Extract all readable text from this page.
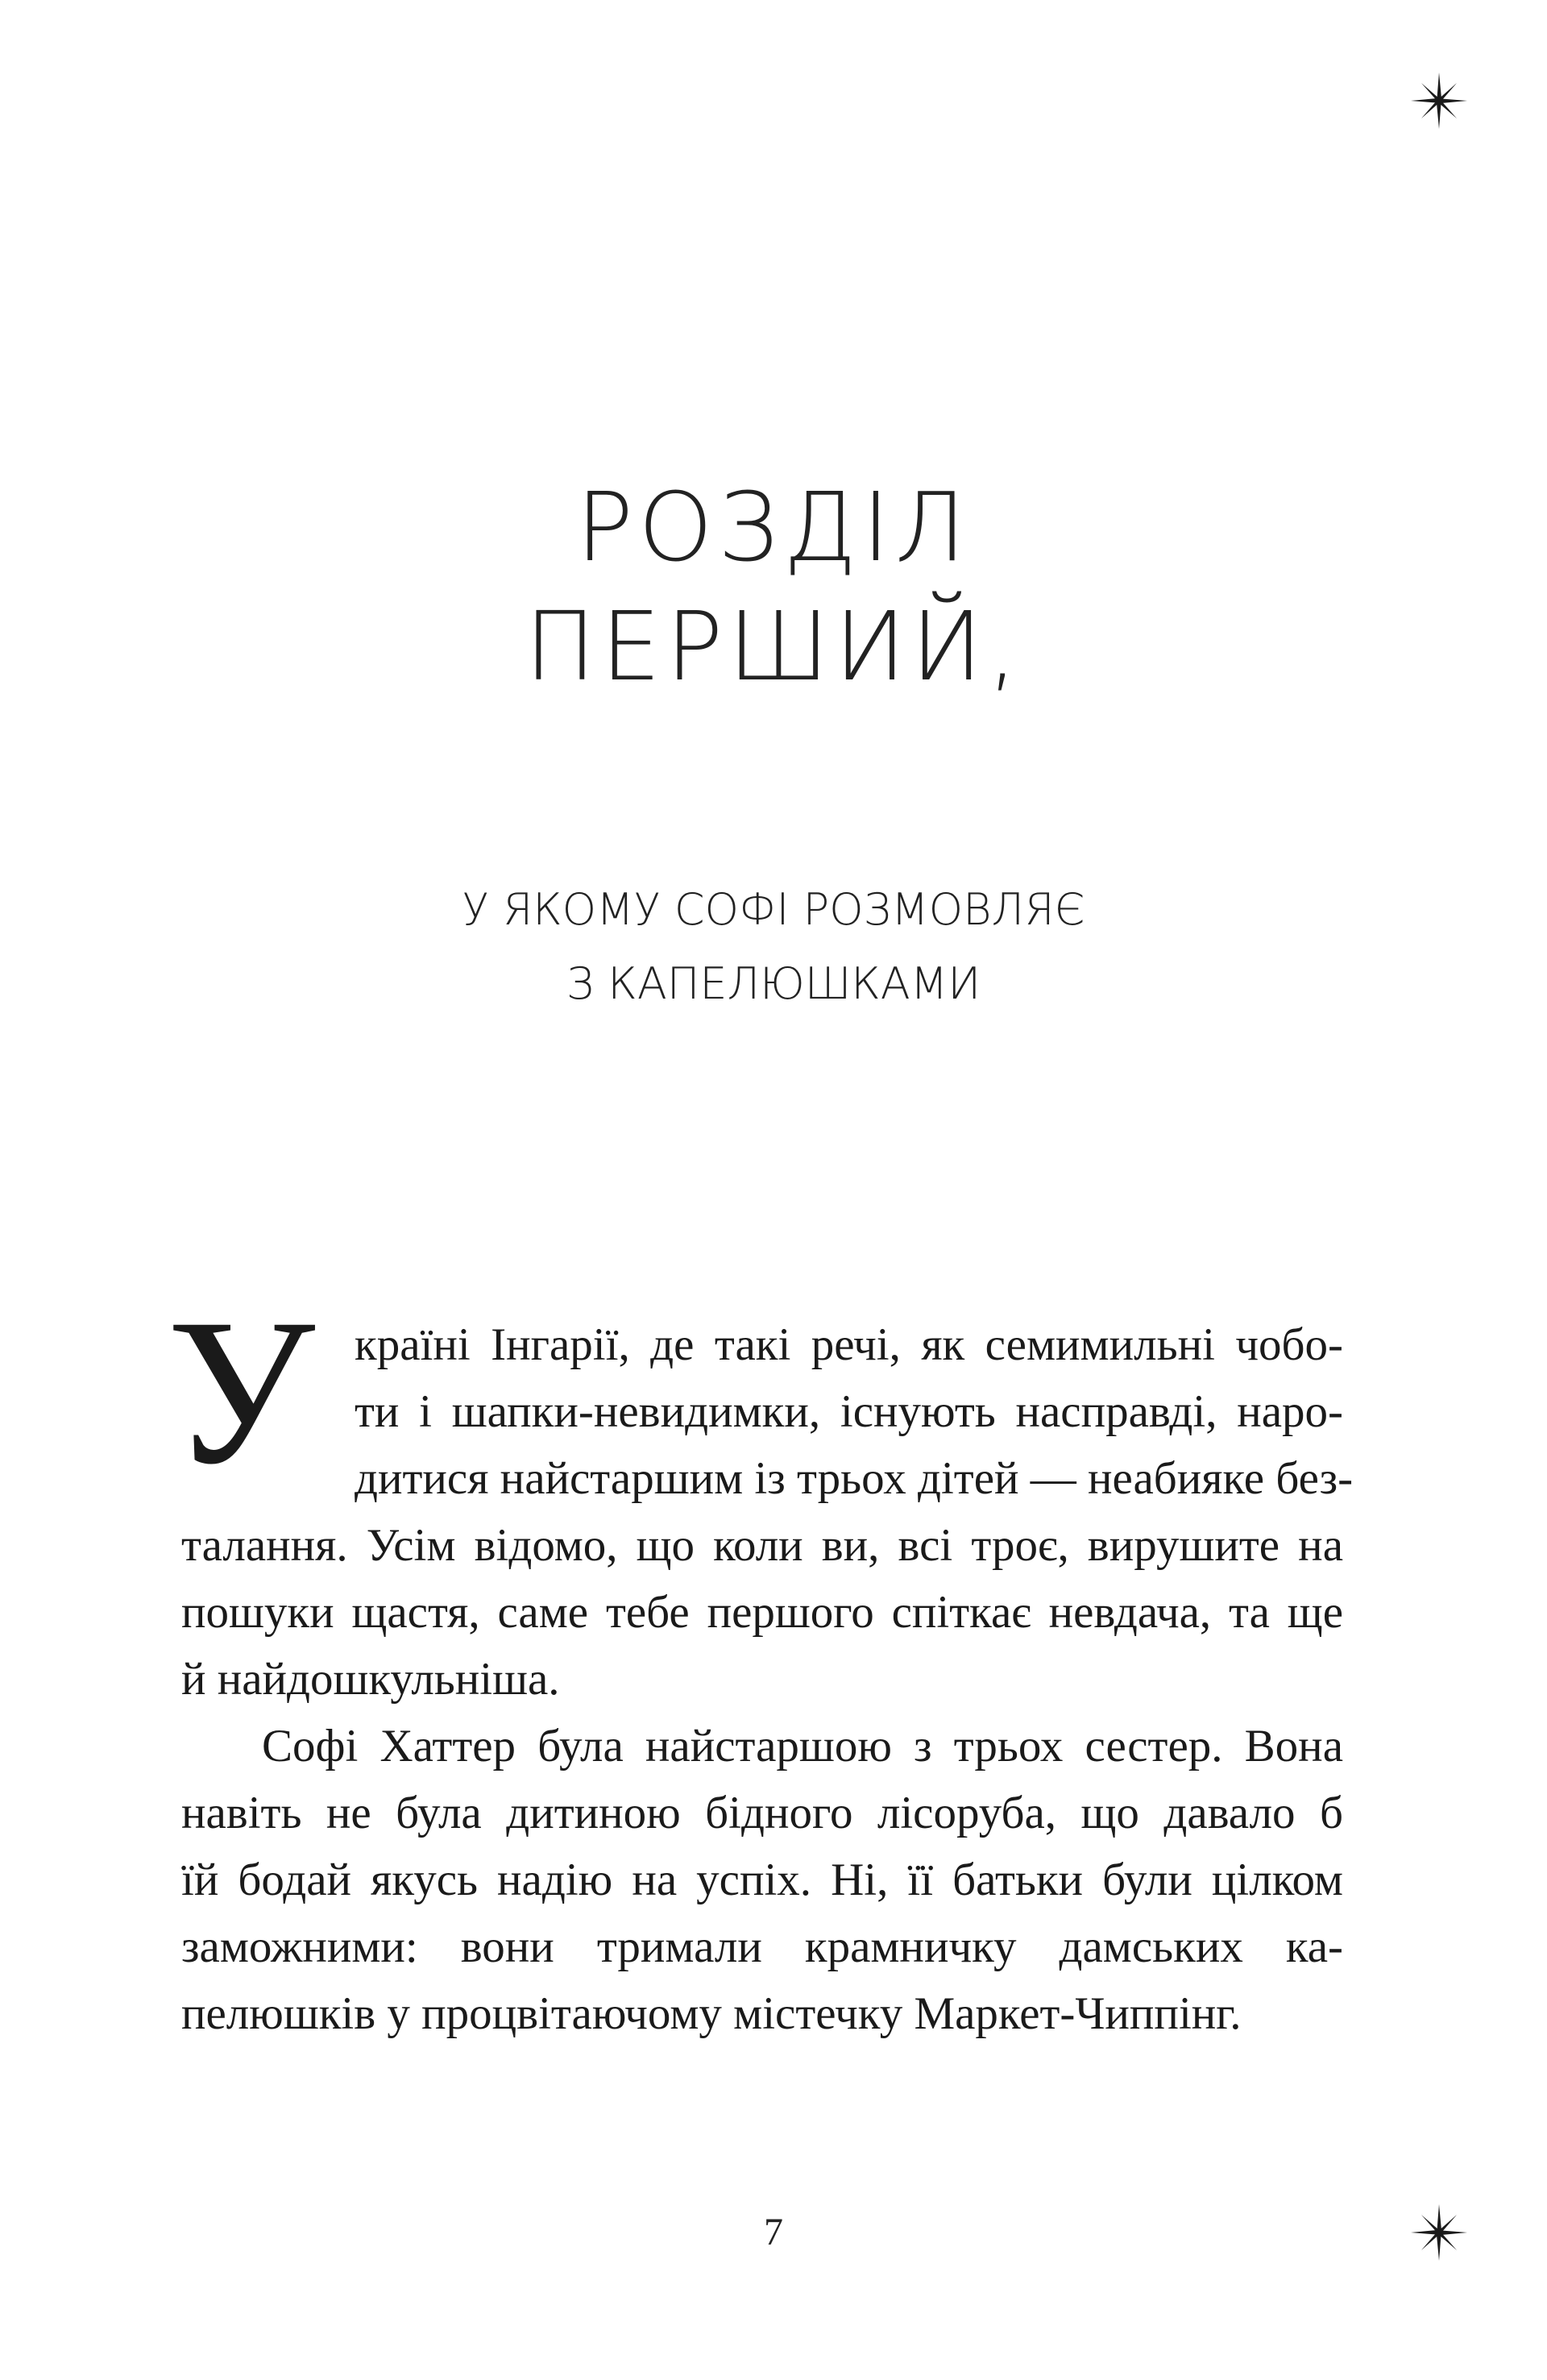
РОЗДІЛ
ПЕРШИЙ,
У ЯКОМУ СОФІ РОЗМОВЛЯЄ
З КАПЕЛЮШКАМИ
У країні Інгарії, де такі речі, як семимильні чобо-
ти і шапки-невидимки, існують насправді, наро-
дитися найстаршим із трьох дітей — неабияке без-
талання. Усім відомо, що коли ви, всі троє, вирушите на
пошуки щастя, саме тебе першого спіткає невдача, та ще
й найдошкульніша.
Софі Хаттер була найстаршою з трьох сестер. Вона
навіть не була дитиною бідного лісоруба, що давало б
їй бодай якусь надію на успіх. Ні, її батьки були цілком
заможними: вони тримали крамничку дамських ка-
пелюшків у процвітаючому містечку Маркет-Чиппінг.
7
